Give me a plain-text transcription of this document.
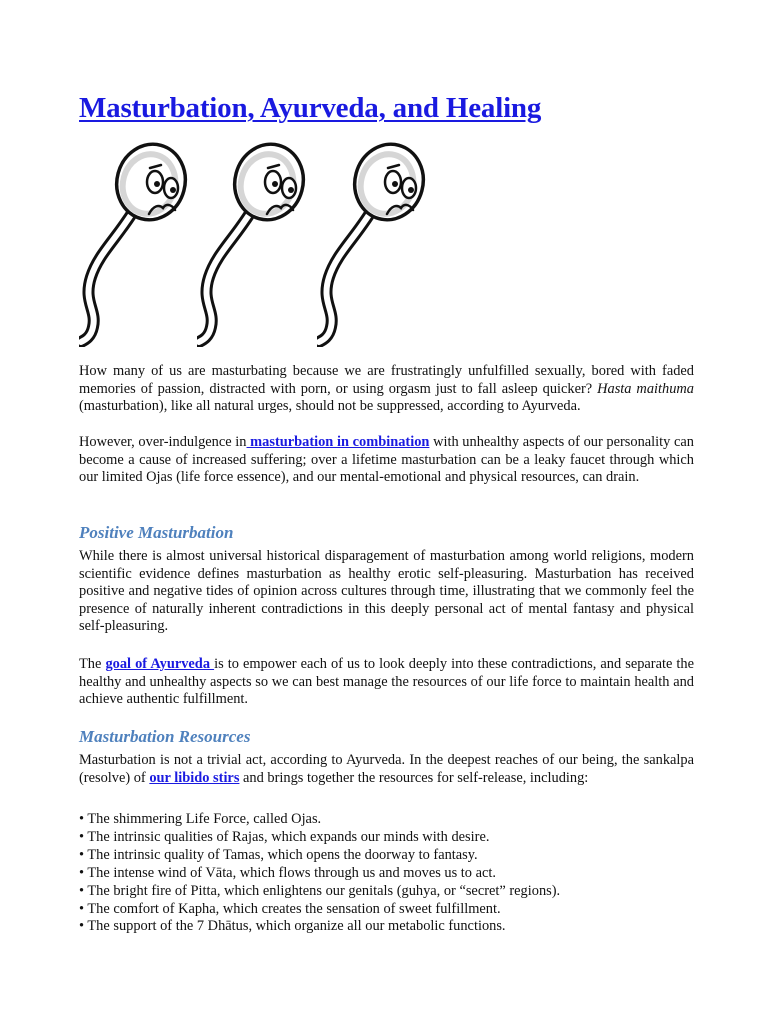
Masturbation, Ayurveda, and Healing

How many of us are masturbating because we are frustratingly unfulfilled sexually, bored with faded memories of passion, distracted with porn, or using orgasm just to fall asleep quicker? Hasta maithuma (masturbation), like all natural urges, should not be suppressed, according to Ayurveda.

However, over-indulgence in masturbation in combination with unhealthy aspects of our personality can become a cause of increased suffering; over a lifetime masturbation can be a leaky faucet through which our limited Ojas (life force essence), and our mental-emotional and physical resources, can drain.

Positive Masturbation

While there is almost universal historical disparagement of masturbation among world religions, modern scientific evidence defines masturbation as healthy erotic self-pleasuring. Masturbation has received positive and negative tides of opinion across cultures through time, illustrating that we commonly feel the presence of naturally inherent contradictions in this deeply personal act of mental fantasy and physical self-pleasuring.

The goal of Ayurveda is to empower each of us to look deeply into these contradictions, and separate the healthy and unhealthy aspects so we can best manage the resources of our life force to maintain health and achieve authentic fulfillment.

Masturbation Resources

Masturbation is not a trivial act, according to Ayurveda. In the deepest reaches of our being, the sankalpa (resolve) of our libido stirs and brings together the resources for self-release, including:

• The shimmering Life Force, called Ojas.
• The intrinsic qualities of Rajas, which expands our minds with desire.
• The intrinsic quality of Tamas, which opens the doorway to fantasy.
• The intense wind of Vāta, which flows through us and moves us to act.
• The bright fire of Pitta, which enlightens our genitals (guhya, or “secret” regions).
• The comfort of Kapha, which creates the sensation of sweet fulfillment.
• The support of the 7 Dhātus, which organize all our metabolic functions.
